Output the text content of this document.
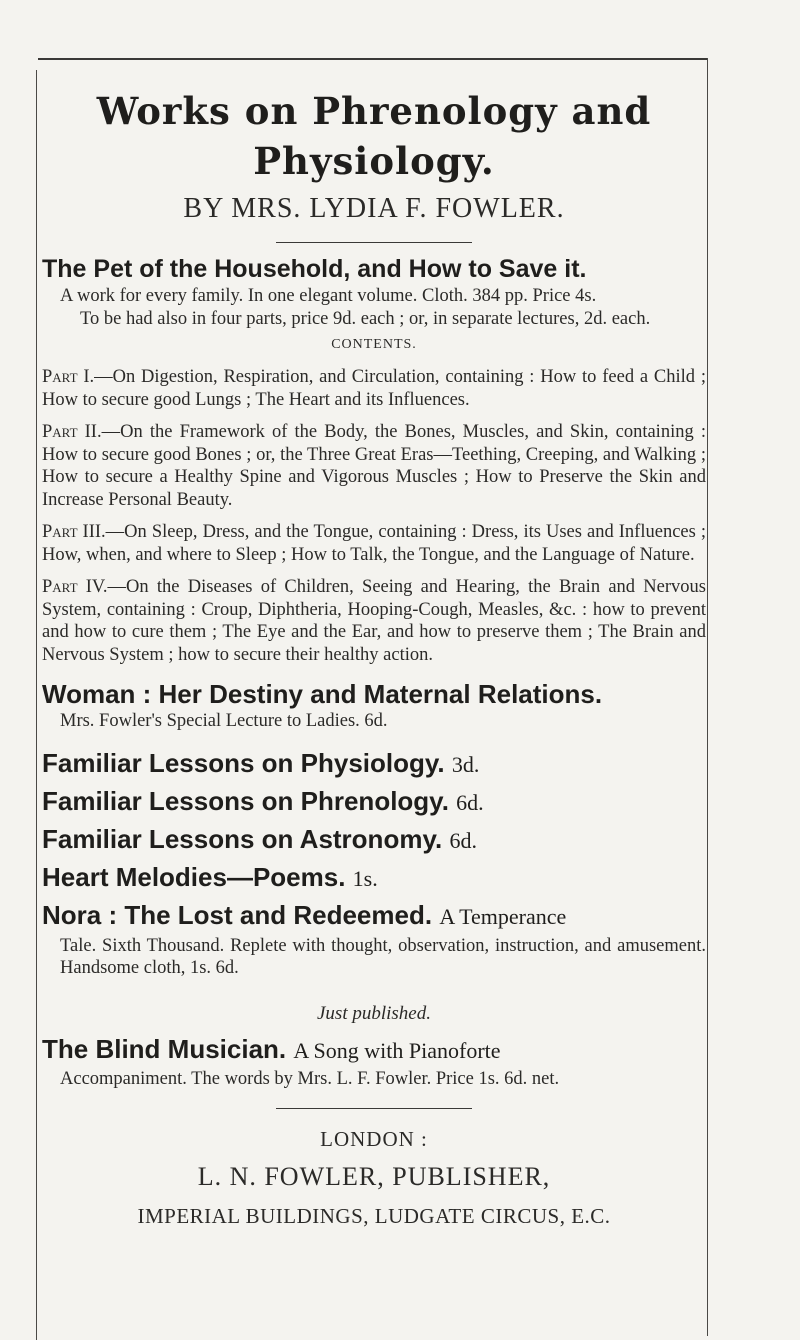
Works on Phrenology and Physiology.
BY MRS. LYDIA F. FOWLER.

The Pet of the Household, and How to Save it.

A work for every family. In one elegant volume. Cloth. 384 pp. Price 4s.

To be had also in four parts, price 9d. each ; or, in separate lectures, 2d. each.

CONTENTS.

Part I.—On Digestion, Respiration, and Circulation, containing : How to feed a Child ; How to secure good Lungs ; The Heart and its Influences.

Part II.—On the Framework of the Body, the Bones, Muscles, and Skin, containing : How to secure good Bones ; or, the Three Great Eras—Teething, Creeping, and Walking ; How to secure a Healthy Spine and Vigorous Muscles ; How to Preserve the Skin and Increase Personal Beauty.

Part III.—On Sleep, Dress, and the Tongue, containing : Dress, its Uses and Influences ; How, when, and where to Sleep ; How to Talk, the Tongue, and the Language of Nature.

Part IV.—On the Diseases of Children, Seeing and Hearing, the Brain and Nervous System, containing : Croup, Diphtheria, Hooping-Cough, Measles, &c. : how to prevent and how to cure them ; The Eye and the Ear, and how to preserve them ; The Brain and Nervous System ; how to secure their healthy action.

Woman : Her Destiny and Maternal Relations.

Mrs. Fowler's Special Lecture to Ladies. 6d.

Familiar Lessons on Physiology. 3d.

Familiar Lessons on Phrenology. 6d.

Familiar Lessons on Astronomy. 6d.

Heart Melodies—Poems. 1s.

Nora : The Lost and Redeemed. A Temperance

Tale. Sixth Thousand. Replete with thought, observation, instruction, and amusement. Handsome cloth, 1s. 6d.

Just published.

The Blind Musician. A Song with Pianoforte

Accompaniment. The words by Mrs. L. F. Fowler. Price 1s. 6d. net.

LONDON :
L. N. FOWLER, PUBLISHER,
IMPERIAL BUILDINGS, LUDGATE CIRCUS, E.C.
